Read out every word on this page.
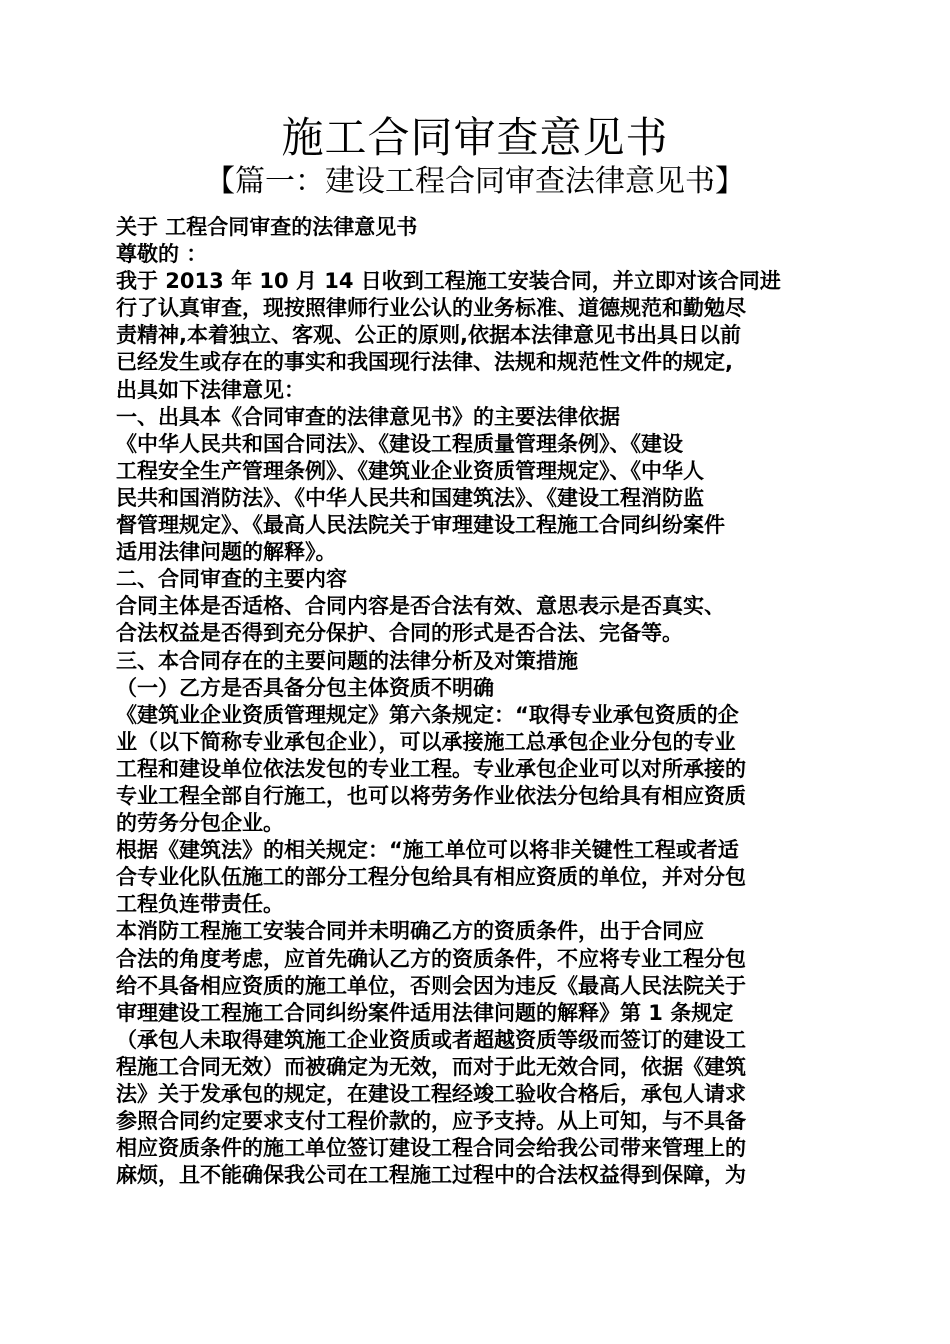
施工合同审查意见书
【篇一：建设工程合同审查法律意见书】
关于 工程合同审查的法律意见书
尊敬的 ：
我于 2013 年 10 月 14 日收到工程施工安装合同，并立即对该合同进
行了认真审查，现按照律师行业公认的业务标准、道德规范和勤勉尽
责精神,本着独立、客观、公正的原则,依据本法律意见书出具日以前
已经发生或存在的事实和我国现行法律、法规和规范性文件的规定,
出具如下法律意见：
一、出具本《合同审查的法律意见书》的主要法律依据
《中华人民共和国合同法》、《建设工程质量管理条例》、《建设
工程安全生产管理条例》、《建筑业企业资质管理规定》、《中华人
民共和国消防法》、《中华人民共和国建筑法》、《建设工程消防监
督管理规定》、《最高人民法院关于审理建设工程施工合同纠纷案件
适用法律问题的解释》。
二、合同审查的主要内容
合同主体是否适格、合同内容是否合法有效、意思表示是否真实、
合法权益是否得到充分保护、合同的形式是否合法、完备等。
三、本合同存在的主要问题的法律分析及对策措施
（一）乙方是否具备分包主体资质不明确
《建筑业企业资质管理规定》第六条规定：“取得专业承包资质的企
业（以下简称专业承包企业），可以承接施工总承包企业分包的专业
工程和建设单位依法发包的专业工程。专业承包企业可以对所承接的
专业工程全部自行施工，也可以将劳务作业依法分包给具有相应资质
的劳务分包企业。
根据《建筑法》的相关规定：“施工单位可以将非关键性工程或者适
合专业化队伍施工的部分工程分包给具有相应资质的单位，并对分包
工程负连带责任。
本消防工程施工安装合同并未明确乙方的资质条件，出于合同应
合法的角度考虑，应首先确认乙方的资质条件，不应将专业工程分包
给不具备相应资质的施工单位，否则会因为违反《最高人民法院关于
审理建设工程施工合同纠纷案件适用法律问题的解释》第 1 条规定
（承包人未取得建筑施工企业资质或者超越资质等级而签订的建设工
程施工合同无效）而被确定为无效，而对于此无效合同，依据《建筑
法》关于发承包的规定，在建设工程经竣工验收合格后，承包人请求
参照合同约定要求支付工程价款的，应予支持。从上可知，与不具备
相应资质条件的施工单位签订建设工程合同会给我公司带来管理上的
麻烦，且不能确保我公司在工程施工过程中的合法权益得到保障，为
